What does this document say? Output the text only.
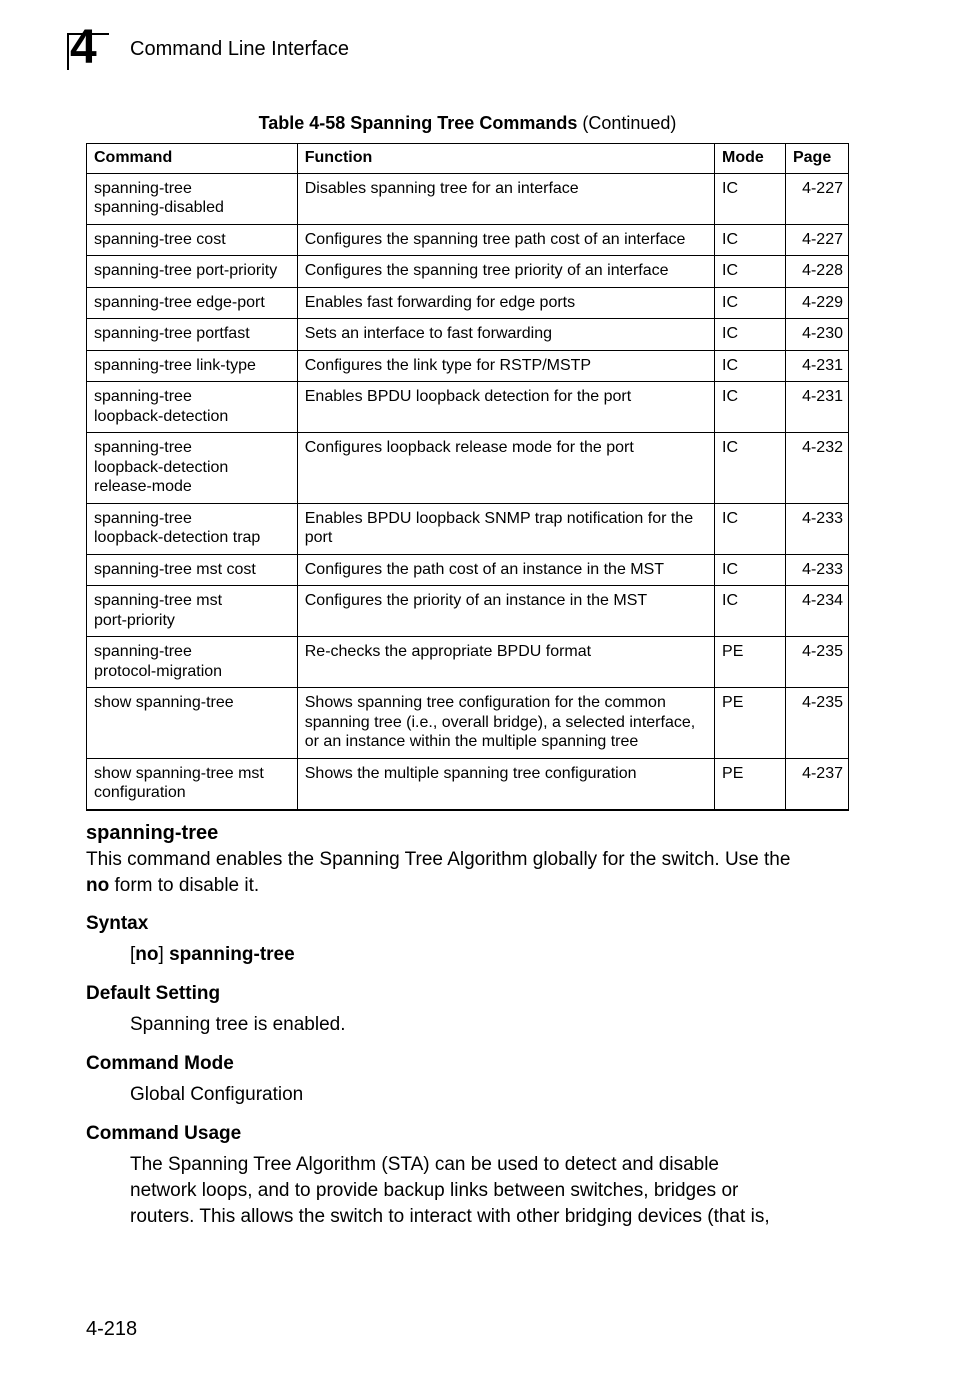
4 Command Line Interface
Table 4-58 Spanning Tree Commands (Continued)
Command	Function	Mode	Page

spanning-tree
spanning-disabled	Disables spanning tree for an interface	IC	4-227

spanning-tree cost	Configures the spanning tree path cost of an interface	IC	4-227

spanning-tree port-priority	Configures the spanning tree priority of an interface	IC	4-228

spanning-tree edge-port	Enables fast forwarding for edge ports	IC	4-229

spanning-tree portfast	Sets an interface to fast forwarding	IC	4-230

spanning-tree link-type	Configures the link type for RSTP/MSTP	IC	4-231

spanning-tree
loopback-detection	Enables BPDU loopback detection for the port	IC	4-231

spanning-tree
loopback-detection
release-mode	Configures loopback release mode for the port	IC	4-232

spanning-tree
loopback-detection trap	Enables BPDU loopback SNMP trap notification for the port	IC	4-233

spanning-tree mst cost	Configures the path cost of an instance in the MST	IC	4-233

spanning-tree mst
port-priority	Configures the priority of an instance in the MST	IC	4-234

spanning-tree
protocol-migration	Re-checks the appropriate BPDU format	PE	4-235

show spanning-tree	Shows spanning tree configuration for the common spanning tree (i.e., overall bridge), a selected interface, or an instance within the multiple spanning tree	PE	4-235

show spanning-tree mst
configuration	Shows the multiple spanning tree configuration	PE	4-237
spanning-tree
This command enables the Spanning Tree Algorithm globally for the switch. Use the
no form to disable it.
Syntax
[no] spanning-tree
Default Setting
Spanning tree is enabled.
Command Mode
Global Configuration
Command Usage
The Spanning Tree Algorithm (STA) can be used to detect and disable
network loops, and to provide backup links between switches, bridges or
routers. This allows the switch to interact with other bridging devices (that is,
4-218
